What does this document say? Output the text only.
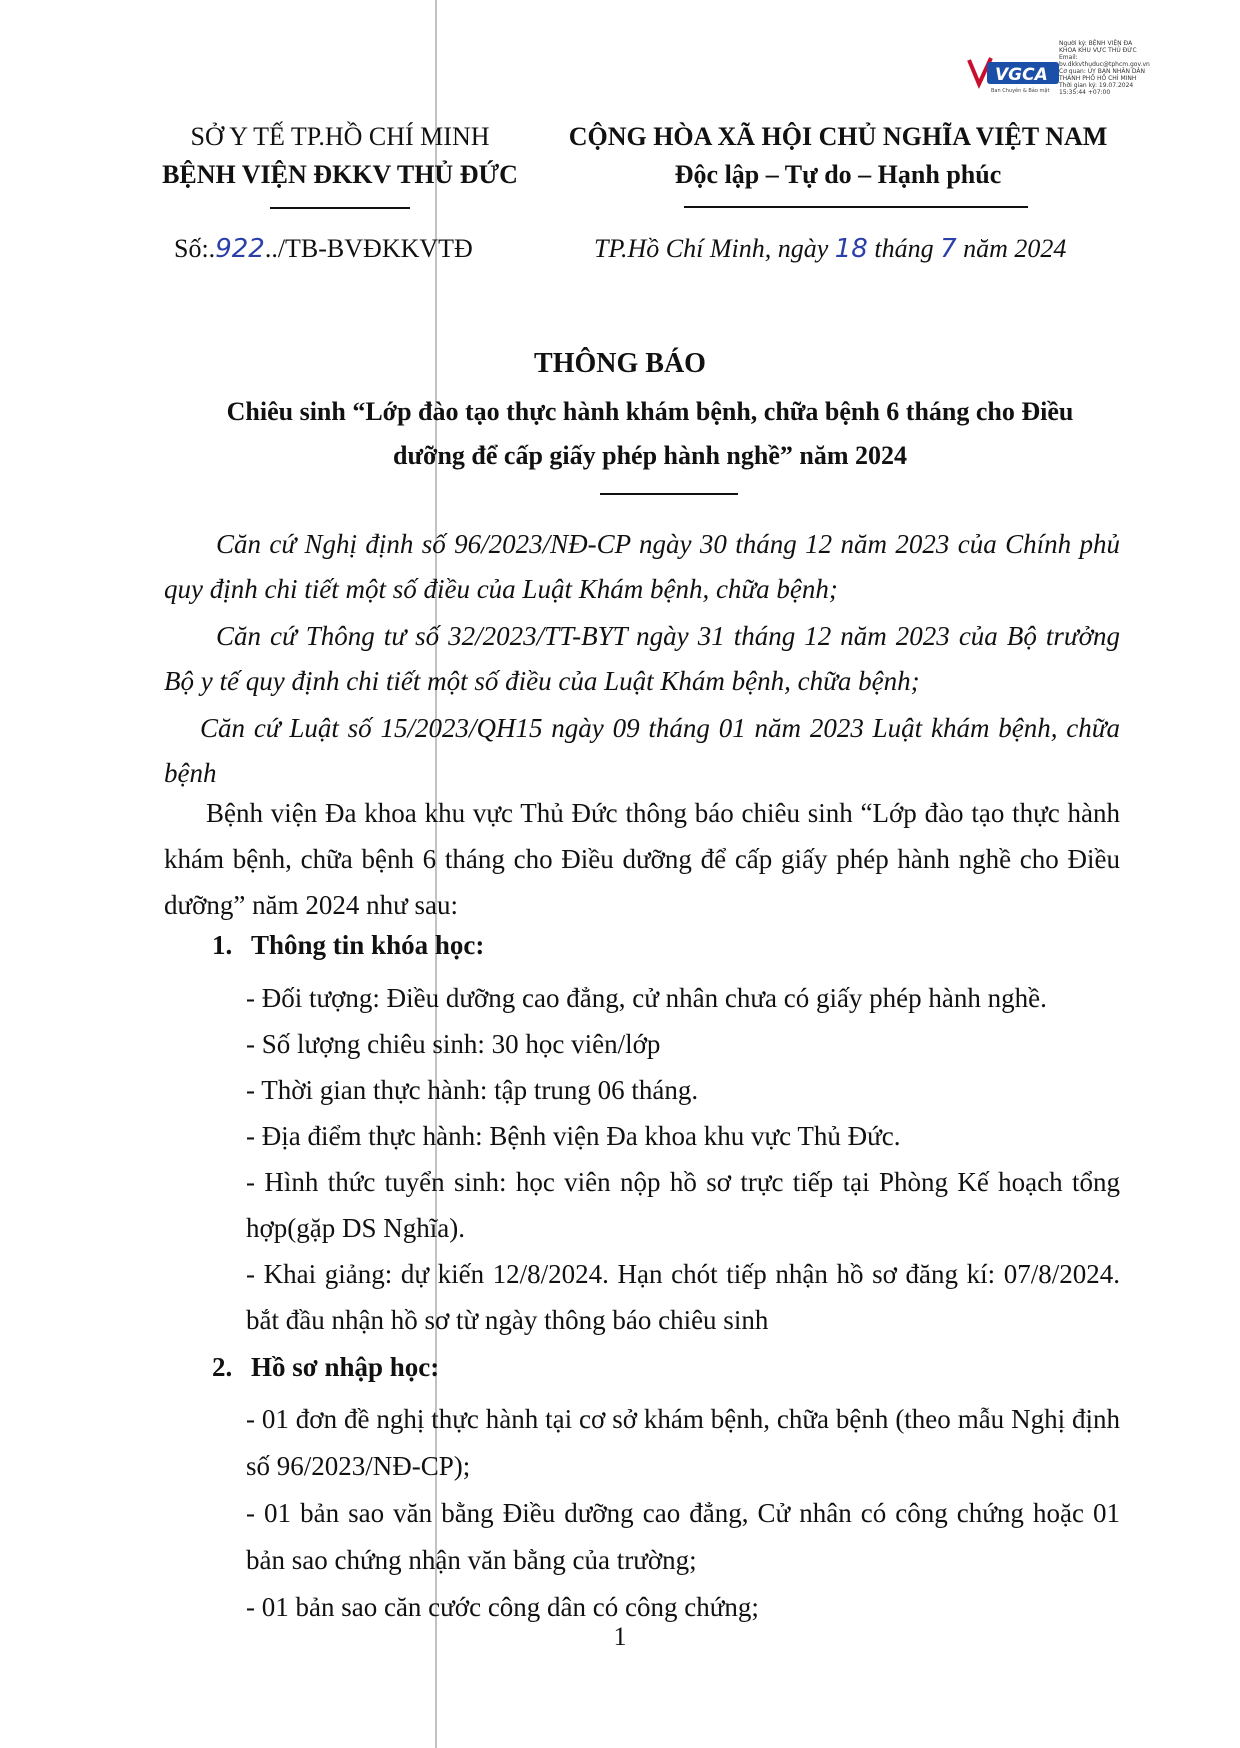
VGCA
Ban Chuyên & Bảo mật
Người ký: BỆNH VIỆN ĐA
KHOA KHU VỰC THỦ ĐỨC
Email:
bv.dkkvthuduc@tphcm.gov.vn
Cơ quan: ỦY BAN NHÂN DÂN
THÀNH PHỐ HỒ CHÍ MINH
Thời gian ký: 19.07.2024
15:35:44 +07:00
SỞ Y TẾ TP.HỒ CHÍ MINH
BỆNH VIỆN ĐKKV THỦ ĐỨC
CỘNG HÒA XÃ HỘI CHỦ NGHĨA VIỆT NAM
Độc lập – Tự do – Hạnh phúc
Số:.922../TB-BVĐKKVTĐ	TP.Hồ Chí Minh, ngày 18 tháng 7 năm 2024
THÔNG BÁO
Chiêu sinh “Lớp đào tạo thực hành khám bệnh, chữa bệnh 6 tháng cho Điều
dưỡng để cấp giấy phép hành nghề” năm 2024
Căn cứ Nghị định số 96/2023/NĐ-CP ngày 30 tháng 12 năm 2023 của Chính phủ quy định chi tiết một số điều của Luật Khám bệnh, chữa bệnh;
Căn cứ Thông tư số 32/2023/TT-BYT ngày 31 tháng 12 năm 2023 của Bộ trưởng Bộ y tế quy định chi tiết một số điều của Luật Khám bệnh, chữa bệnh;
Căn cứ Luật số 15/2023/QH15 ngày 09 tháng 01 năm 2023 Luật khám bệnh, chữa bệnh
Bệnh viện Đa khoa khu vực Thủ Đức thông báo chiêu sinh “Lớp đào tạo thực hành khám bệnh, chữa bệnh 6 tháng cho Điều dưỡng để cấp giấy phép hành nghề cho Điều dưỡng” năm 2024 như sau:
1. Thông tin khóa học:
- Đối tượng: Điều dưỡng cao đẳng, cử nhân chưa có giấy phép hành nghề.
- Số lượng chiêu sinh: 30 học viên/lớp
- Thời gian thực hành: tập trung 06 tháng.
- Địa điểm thực hành: Bệnh viện Đa khoa khu vực Thủ Đức.
- Hình thức tuyển sinh: học viên nộp hồ sơ trực tiếp tại Phòng Kế hoạch tổng hợp(gặp DS Nghĩa).
- Khai giảng: dự kiến 12/8/2024. Hạn chót tiếp nhận hồ sơ đăng kí: 07/8/2024. bắt đầu nhận hồ sơ từ ngày thông báo chiêu sinh
2. Hồ sơ nhập học:
- 01 đơn đề nghị thực hành tại cơ sở khám bệnh, chữa bệnh (theo mẫu Nghị định số 96/2023/NĐ-CP);
- 01 bản sao văn bằng Điều dưỡng cao đẳng, Cử nhân có công chứng hoặc 01 bản sao chứng nhận văn bằng của trường;
- 01 bản sao căn cước công dân có công chứng;
1
